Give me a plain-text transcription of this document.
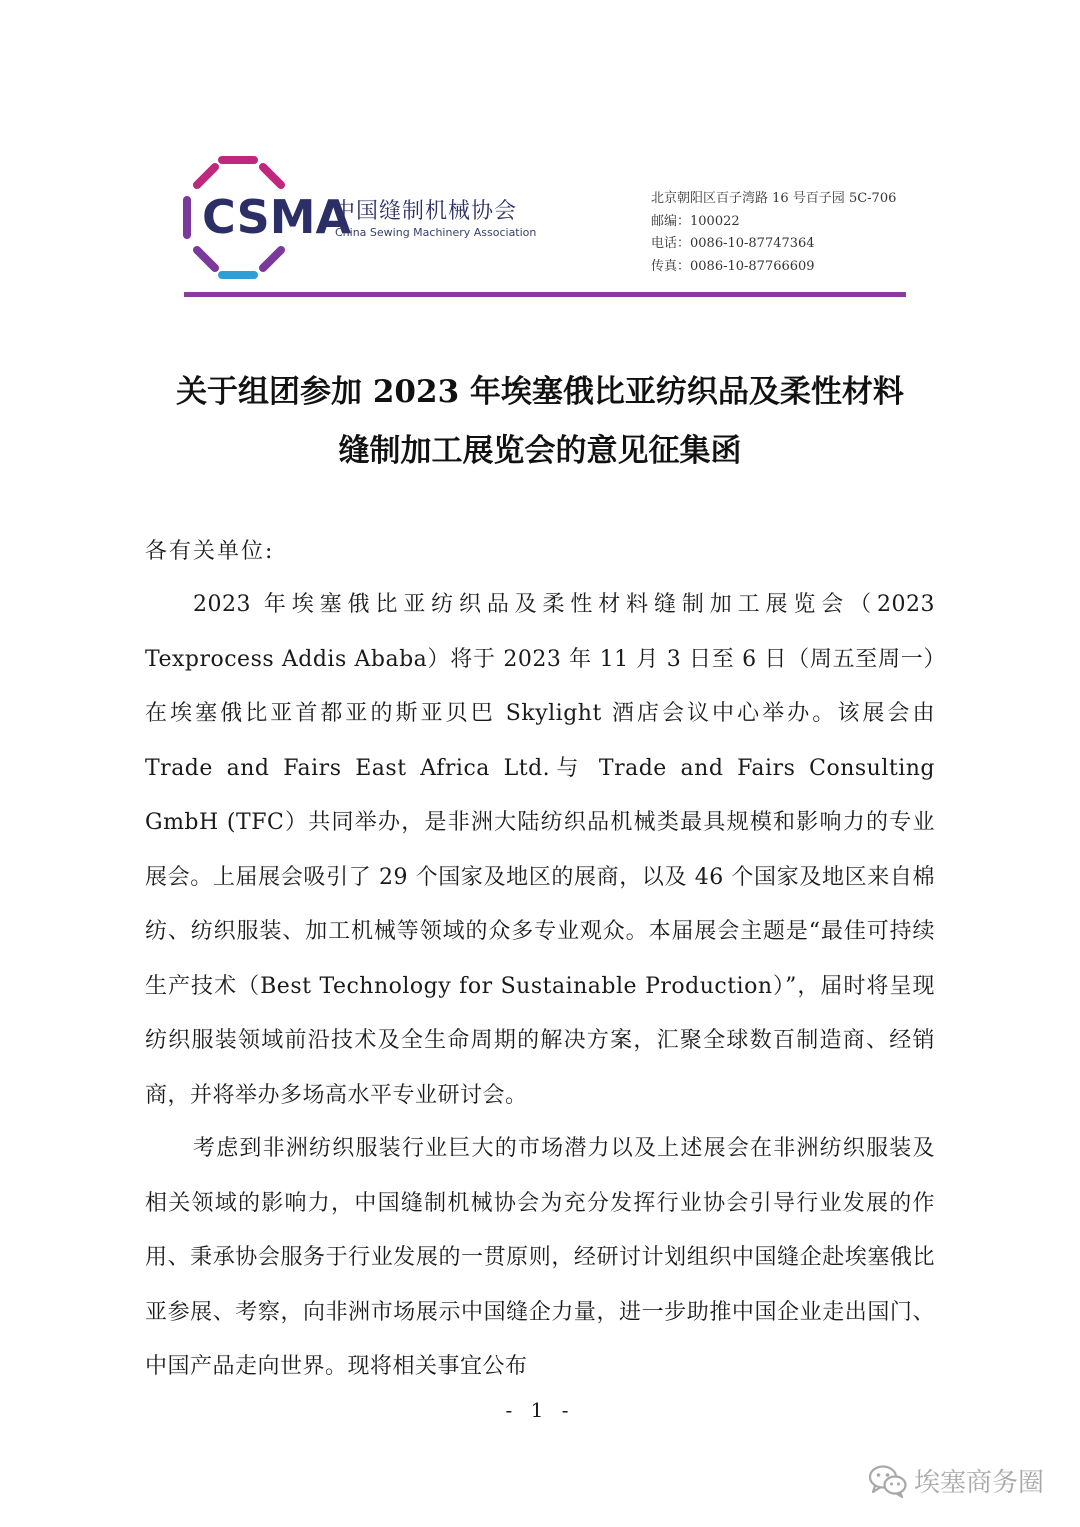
CSMA
中国缝制机械协会
China Sewing Machinery Association
北京朝阳区百子湾路 16 号百子园 5C-706
邮编：100022
电话：0086-10-87747364
传真：0086-10-87766609
关于组团参加 2023 年埃塞俄比亚纺织品及柔性材料
缝制加工展览会的意见征集函
各有关单位:
2023 年埃塞俄比亚纺织品及柔性材料缝制加工展览会（2023 Texprocess Addis Ababa）将于 2023 年 11 月 3 日至 6 日（周五至周一）在埃塞俄比亚首都亚的斯亚贝巴 Skylight 酒店会议中心举办。该展会由 Trade and Fairs East Africa Ltd.与 Trade and Fairs Consulting GmbH (TFC）共同举办，是非洲大陆纺织品机械类最具规模和影响力的专业展会。上届展会吸引了 29 个国家及地区的展商，以及 46 个国家及地区来自棉纺、纺织服装、加工机械等领域的众多专业观众。本届展会主题是“最佳可持续生产技术（Best Technology for Sustainable Production）”，届时将呈现纺织服装领域前沿技术及全生命周期的解决方案，汇聚全球数百制造商、经销商，并将举办多场高水平专业研讨会。
考虑到非洲纺织服装行业巨大的市场潜力以及上述展会在非洲纺织服装及相关领域的影响力，中国缝制机械协会为充分发挥行业协会引导行业发展的作用、秉承协会服务于行业发展的一贯原则，经研讨计划组织中国缝企赴埃塞俄比亚参展、考察，向非洲市场展示中国缝企力量，进一步助推中国企业走出国门、中国产品走向世界。现将相关事宜公布
- 1 -
埃塞商务圈
